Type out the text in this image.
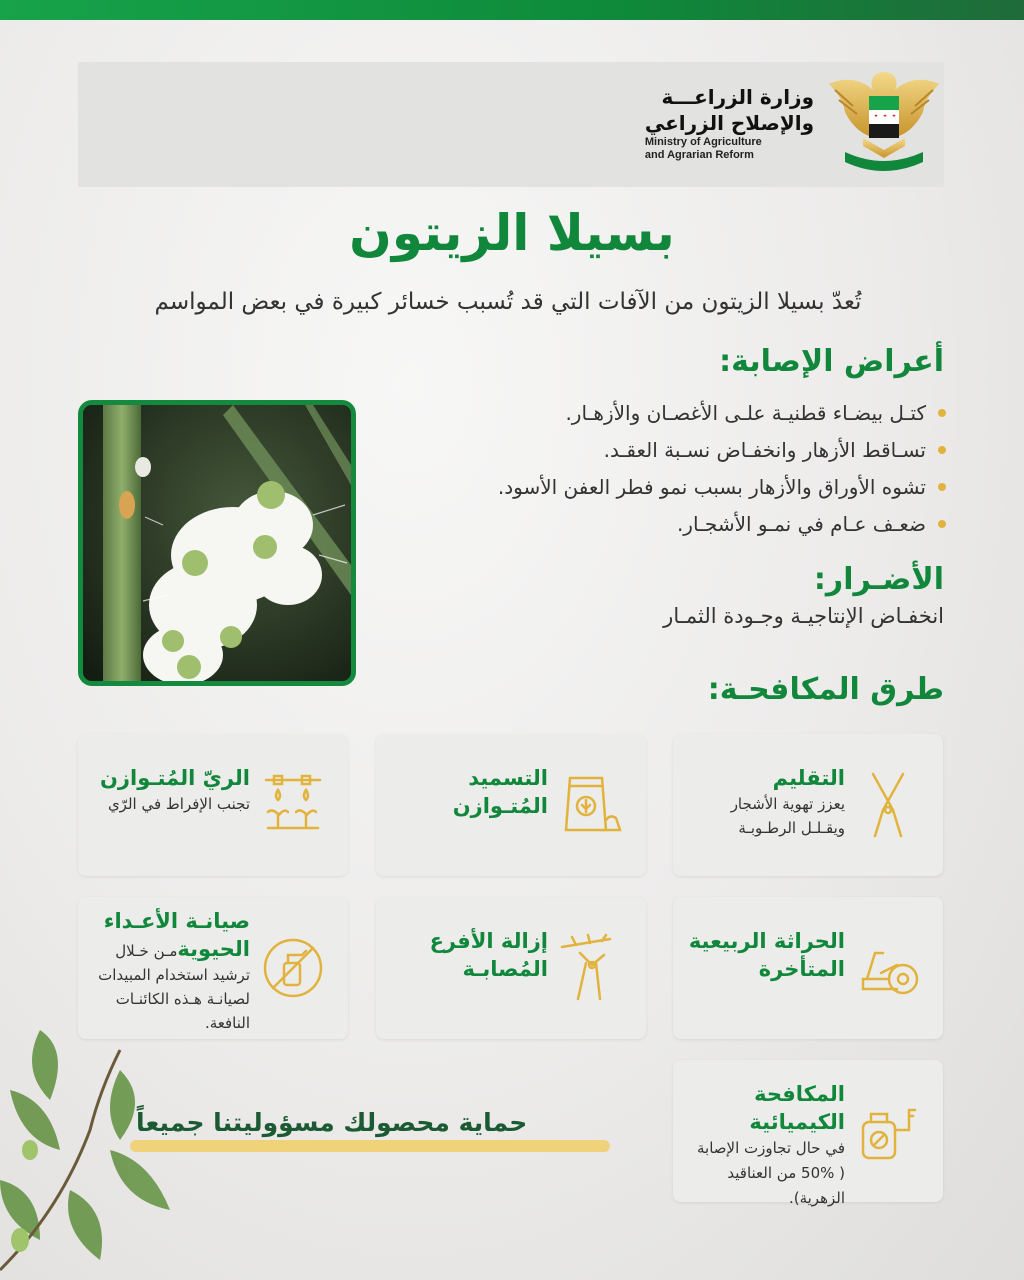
وزارة الزراعـــة
والإصلاح الزراعي
Ministry of Agriculture
and Agrarian Reform
بسيلا الزيتون

تُعدّ بسيلا الزيتون من الآفات التي قد تُسبب خسائر كبيرة في بعض المواسم

أعراض الإصابة:
كتـل بيضـاء قطنيـة علـى الأغصـان والأزهـار.
تسـاقط الأزهار وانخفـاض نسـبة العقـد.
تشوه الأوراق والأزهار بسبب نمو فطر العفن الأسود.
ضعـف عـام في نمـو الأشجـار.
الأضـرار:

انخفـاض الإنتاجيـة وجـودة الثمـار

طرق المكافحـة:
التقليم
يعزز تهوية الأشجار
ويقـلـل الرطـوبـة
التسميد
المُتـوازن
الريّ المُتـوازن
تجنب الإفراط في الرّي
الحراثة الربيعية
المتأخرة
إزالة الأفرع
المُصابـة
صيانـة الأعـداء
الحيويةمـن خـلال
ترشيد استخدام المبيدات
لصيانـة هـذه الكائنـات
النافعة.
المكافحة الكيميائية
في حال تجاوزت الإصابة
( 50% من العناقيد
الزهرية).
حماية محصولك مسؤوليتنا جميعاً
